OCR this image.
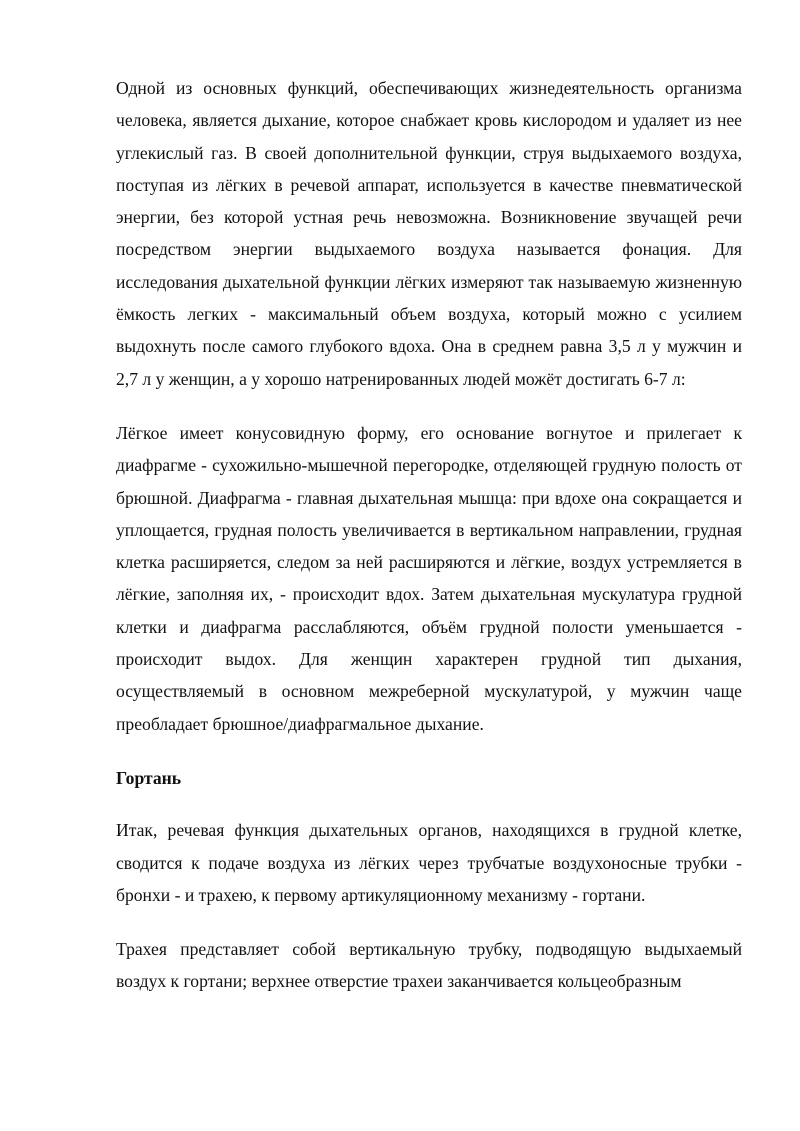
Одной из основных функций, обеспечивающих жизнедеятельность организма человека, является дыхание, которое снабжает кровь кислородом и удаляет из нее углекислый газ. В своей дополнительной функции, струя выдыхаемого воздуха, поступая из лёгких в речевой аппарат, используется в качестве пневматической энергии, без которой устная речь невозможна. Возникновение звучащей речи посредством энергии выдыхаемого воздуха называется фонация. Для исследования дыхательной функции лёгких измеряют так называемую жизненную ёмкость легких - максимальный объем воздуха, который можно с усилием выдохнуть после самого глубокого вдоха. Она в среднем равна 3,5 л у мужчин и 2,7 л у женщин, а у хорошо натренированных людей можёт достигать 6-7 л:

Лёгкое имеет конусовидную форму, его основание вогнутое и прилегает к диафрагме - сухожильно-мышечной перегородке, отделяющей грудную полость от брюшной. Диафрагма - главная дыхательная мышца: при вдохе она сокращается и уплощается, грудная полость увеличивается в вертикальном направлении, грудная клетка расширяется, следом за ней расширяются и лёгкие, воздух устремляется в лёгкие, заполняя их, - происходит вдох. Затем дыхательная мускулатура грудной клетки и диафрагма расслабляются, объём грудной полости уменьшается - происходит выдох. Для женщин характерен грудной тип дыхания, осуществляемый в основном межреберной мускулатурой, у мужчин чаще преобладает брюшное/диафрагмальное дыхание.

Гортань

Итак, речевая функция дыхательных органов, находящихся в грудной клетке, сводится к подаче воздуха из лёгких через трубчатые воздухоносные трубки - бронхи - и трахею, к первому артикуляционному механизму - гортани.

Трахея представляет собой вертикальную трубку, подводящую выдыхаемый воздух к гортани; верхнее отверстие трахеи заканчивается кольцеобразным
